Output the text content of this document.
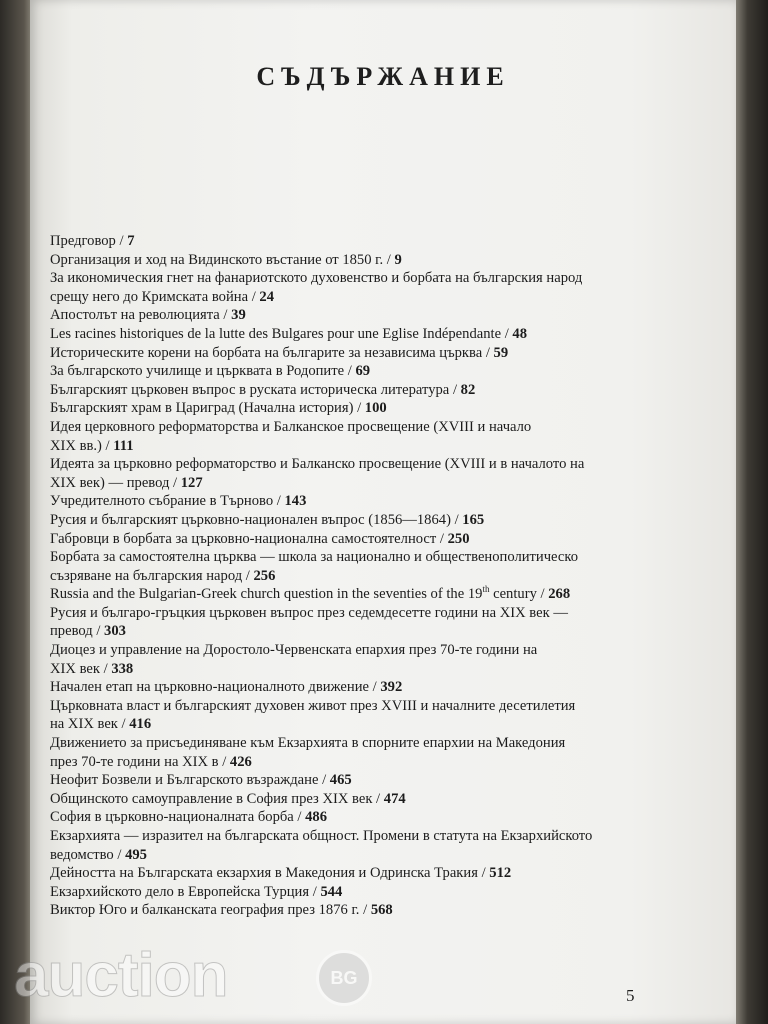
СЪДЪРЖАНИЕ
Предговор / 7
Организация и ход на Видинското въстание от 1850 г. / 9
За икономическия гнет на фанариотското духовенство и борбата на българския народ
срещу него до Кримската война / 24
Апостолът на революцията / 39
Les racines historiques de la lutte des Bulgares pour une Eglise Indépendante / 48
Историческите корени на борбата на българите за независима църква / 59
За българското училище и църквата в Родопите / 69
Българският църковен въпрос в руската историческа литература / 82
Българският храм в Цариград (Начална история) / 100
Идея церковного реформаторства и Балканское просвещение (XVIII и начало
XIX вв.) / 111
Идеята за църковно реформаторство и Балканско просвещение (XVIII и в началото на
XIX век) — превод / 127
Учредителното събрание в Търново / 143
Русия и българският църковно-национален въпрос (1856—1864) / 165
Габровци в борбата за църковно-национална самостоятелност / 250
Борбата за самостоятелна църква — школа за национално и общественополитическо
съзряване на българския народ / 256
Russia and the Bulgarian-Greek church question in the seventies of the 19th century / 268
Русия и българо-гръцкия църковен въпрос през седемдесетте години на XIX век —
превод / 303
Диоцез и управление на Доростоло-Червенската епархия през 70-те години на
XIX век / 338
Начален етап на църковно-националното движение / 392
Църковната власт и българският духовен живот през XVIII и началните десетилетия
на XIX век / 416
Движението за присъединяване към Екзархията в спорните епархии на Македония
през 70-те години на XIX в / 426
Неофит Бозвели и Българското възраждане / 465
Общинското самоуправление в София през XIX век / 474
София в църковно-националната борба / 486
Екзархията — изразител на българската общност. Промени в статута на Екзархийското
ведомство / 495
Дейността на Българската екзархия в Македония и Одринска Тракия / 512
Екзархийското дело в Европейска Турция / 544
Виктор Юго и балканската география през 1876 г. / 568
5
auction	BG
